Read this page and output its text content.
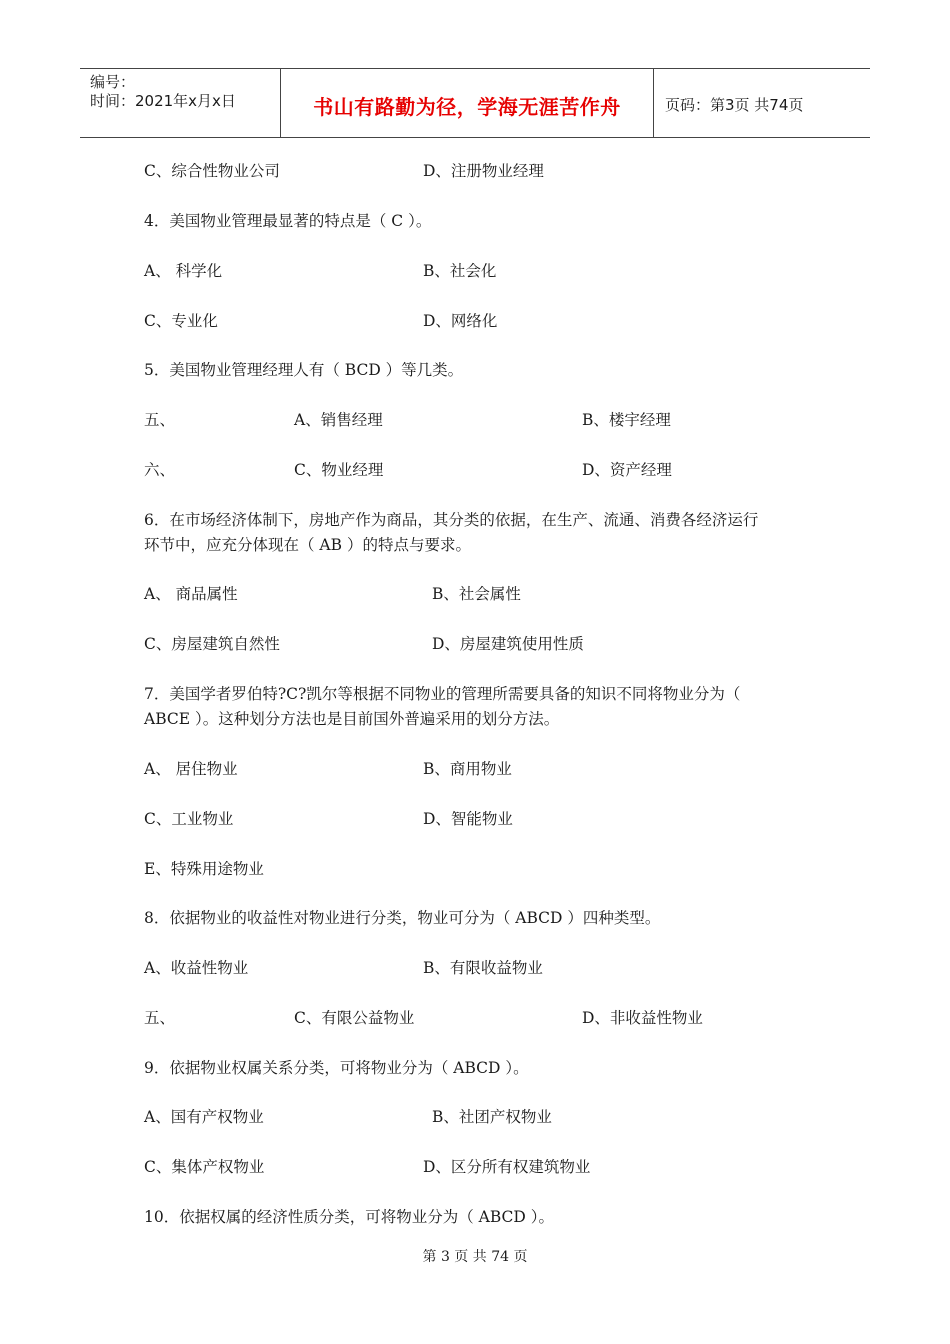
编号：
时间：2021年x月x日	书山有路勤为径，学海无涯苦作舟	页码：第3页 共74页
C、综合性物业公司	D、注册物业经理
4．美国物业管理最显著的特点是（ C ）。
A、 科学化	B、社会化
C、专业化	D、网络化
5．美国物业管理经理人有（ BCD ）等几类。
五、	A、销售经理	B、楼宇经理
六、	C、物业经理	D、资产经理
6．在市场经济体制下，房地产作为商品，其分类的依据，在生产、流通、消费各经济运行
环节中，应充分体现在（ AB ）的特点与要求。
A、 商品属性	B、社会属性
C、房屋建筑自然性	D、房屋建筑使用性质
7．美国学者罗伯特?C?凯尔等根据不同物业的管理所需要具备的知识不同将物业分为（
ABCE ）。这种划分方法也是目前国外普遍采用的划分方法。
A、 居住物业	B、商用物业
C、工业物业	D、智能物业
E、特殊用途物业
8．依据物业的收益性对物业进行分类，物业可分为（ ABCD ）四种类型。
A、收益性物业	B、有限收益物业
五、	C、有限公益物业	D、非收益性物业
9．依据物业权属关系分类，可将物业分为（ ABCD ）。
A、国有产权物业	B、社团产权物业
C、集体产权物业	D、区分所有权建筑物业
10．依据权属的经济性质分类，可将物业分为（ ABCD ）。
第 3 页 共 74 页
